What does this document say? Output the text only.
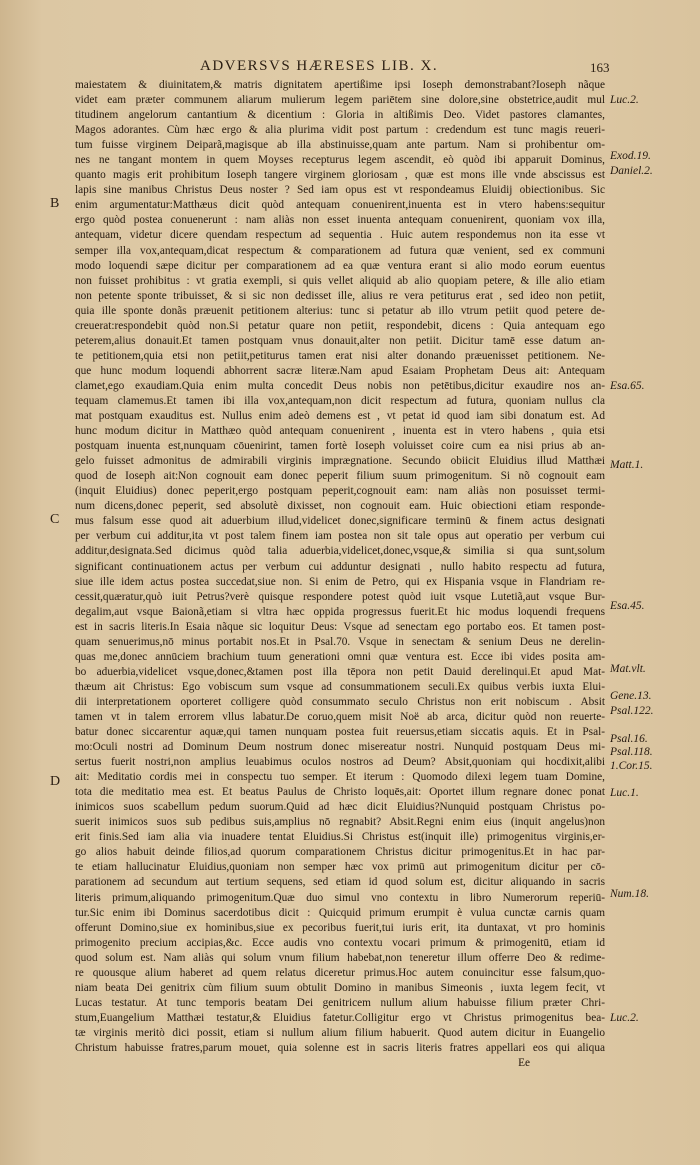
ADVERSVS HÆRESES LIB. X.	163
maiestatem & diuinitatem,& matris dignitatem apertißime ipsi Ioseph demonstrabant?Ioseph nãque
videt eam præter communem aliarum mulierum legem pariētem sine dolore,sine obstetrice,audit mul
titudinem angelorum cantantium & dicentium : Gloria in altißimis Deo. Videt pastores clamantes,
Magos adorantes. Cùm hæc ergo & alia plurima vidit post partum : credendum est tunc magis reueri-
tum fuisse virginem Deiparã,magisque ab illa abstinuisse,quam ante partum. Nam si prohibentur om-
nes ne tangant montem in quem Moyses recepturus legem ascendit, eò quòd ibi apparuit Dominus,
quanto magis erit prohibitum Ioseph tangere virginem gloriosam , quæ est mons ille vnde abscissus est
lapis sine manibus Christus Deus noster ? Sed iam opus est vt respondeamus Eluidij obiectionibus. Sic
enim argumentatur:Matthæus dicit quòd antequam conuenirent,inuenta est in vtero habens:sequitur
ergo quòd postea conuenerunt : nam aliàs non esset inuenta antequam conuenirent, quoniam vox illa,
antequam, videtur dicere quendam respectum ad sequentia . Huic autem respondemus non ita esse vt
semper illa vox,antequam,dicat respectum & comparationem ad futura quæ venient, sed ex communi
modo loquendi sæpe dicitur per comparationem ad ea quæ ventura erant si alio modo eorum euentus
non fuisset prohibitus : vt gratia exempli, si quis vellet aliquid ab alio quopiam petere, & ille alio etiam
non petente sponte tribuisset, & si sic non dedisset ille, alius re vera petiturus erat , sed ideo non petiit,
quia ille sponte donãs præuenit petitionem alterius: tunc si petatur ab illo vtrum petiit quod petere de-
creuerat:respondebit quòd non.Si petatur quare non petiit, respondebit, dicens : Quia antequam ego
peterem,alius donauit.Et tamen postquam vnus donauit,alter non petiit. Dicitur tamē esse datum an-
te petitionem,quia etsi non petiit,petiturus tamen erat nisi alter donando præuenisset petitionem. Ne-
que hunc modum loquendi abhorrent sacræ literæ.Nam apud Esaiam Prophetam Deus ait: Antequam
clamet,ego exaudiam.Quia enim multa concedit Deus nobis non petētibus,dicitur exaudire nos an-
tequam clamemus.Et tamen ibi illa vox,antequam,non dicit respectum ad futura, quoniam nullus cla
mat postquam exauditus est. Nullus enim adeò demens est , vt petat id quod iam sibi donatum est. Ad
hunc modum dicitur in Matthæo quòd antequam conuenirent , inuenta est in vtero habens , quia etsi
postquam inuenta est,nunquam cōuenirint, tamen fortè Ioseph voluisset coire cum ea nisi prius ab an-
gelo fuisset admonitus de admirabili virginis imprægnatione. Secundo obiicit Eluidius illud Matthæi
quod de Ioseph ait:Non cognouit eam donec peperit filium suum primogenitum. Si nõ cognouit eam
(inquit Eluidius) donec peperit,ergo postquam peperit,cognouit eam: nam aliàs non posuisset termi-
num dicens,donec peperit, sed absolutè dixisset, non cognouit eam. Huic obiectioni etiam responde-
mus falsum esse quod ait aduerbium illud,videlicet donec,significare terminū & finem actus designati
per verbum cui additur,ita vt post talem finem iam postea non sit tale opus aut operatio per verbum cui
additur,designata.Sed dicimus quòd talia aduerbia,videlicet,donec,vsque,& similia si qua sunt,solum
significant continuationem actus per verbum cui adduntur designati , nullo habito respectu ad futura,
siue ille idem actus postea succedat,siue non. Si enim de Petro, qui ex Hispania vsque in Flandriam re-
cessit,quæratur,quò iuit Petrus?verè quisque respondere potest quòd iuit vsque Lutetiã,aut vsque Bur-
degalim,aut vsque Baionã,etiam si vltra hæc oppida progressus fuerit.Et hic modus loquendi frequens
est in sacris literis.In Esaia nãque sic loquitur Deus: Vsque ad senectam ego portabo eos. Et tamen post-
quam senuerimus,nō minus portabit nos.Et in Psal.70. Vsque in senectam & senium Deus ne derelin-
quas me,donec annūciem brachium tuum generationi omni quæ ventura est. Ecce ibi vides posita am-
bo aduerbia,videlicet vsque,donec,&tamen post illa tēpora non petit Dauid derelinqui.Et apud Mat-
thæum ait Christus: Ego vobiscum sum vsque ad consummationem seculi.Ex quibus verbis iuxta Elui-
dii interpretationem oporteret colligere quòd consummato seculo Christus non erit nobiscum . Absit
tamen vt in talem errorem vllus labatur.De coruo,quem misit Noë ab arca, dicitur quòd non reuerte-
batur donec siccarentur aquæ,qui tamen nunquam postea fuit reuersus,etiam siccatis aquis. Et in Psal-
mo:Oculi nostri ad Dominum Deum nostrum donec misereatur nostri. Nunquid postquam Deus mi-
sertus fuerit nostri,non amplius leuabimus oculos nostros ad Deum? Absit,quoniam qui hocdixit,alibi
ait: Meditatio cordis mei in conspectu tuo semper. Et iterum : Quomodo dilexi legem tuam Domine,
tota die meditatio mea est. Et beatus Paulus de Christo loquēs,ait: Oportet illum regnare donec ponat
inimicos suos scabellum pedum suorum.Quid ad hæc dicit Eluidius?Nunquid postquam Christus po-
suerit inimicos suos sub pedibus suis,amplius nō regnabit? Absit.Regni enim eius (inquit angelus)non
erit finis.Sed iam alia via inuadere tentat Eluidius.Si Christus est(inquit ille) primogenitus virginis,er-
go alios habuit deinde filios,ad quorum comparationem Christus dicitur primogenitus.Et in hac par-
te etiam hallucinatur Eluidius,quoniam non semper hæc vox primū aut primogenitum dicitur per cō-
parationem ad secundum aut tertium sequens, sed etiam id quod solum est, dicitur aliquando in sacris
literis primum,aliquando primogenitum.Quæ duo simul vno contextu in libro Numerorum reperiū-
tur.Sic enim ibi Dominus sacerdotibus dicit : Quicquid primum erumpit è vulua cunctæ carnis quam
offerunt Domino,siue ex hominibus,siue ex pecoribus fuerit,tui iuris erit, ita duntaxat, vt pro hominis
primogenito precium accipias,&c. Ecce audis vno contextu vocari primum & primogenitū, etiam id
quod solum est. Nam aliàs qui solum vnum filium habebat,non teneretur illum offerre Deo & redime-
re quousque alium haberet ad quem relatus diceretur primus.Hoc autem conuincitur esse falsum,quo-
niam beata Dei genitrix cùm filium suum obtulit Domino in manibus Simeonis , iuxta legem fecit, vt
Lucas testatur. At tunc temporis beatam Dei genitricem nullum alium habuisse filium præter Chri-
stum,Euangelium Matthæi testatur,& Eluidius fatetur.Colligitur ergo vt Christus primogenitus bea-
tæ virginis meritò dici possit, etiam si nullum alium filium habuerit. Quod autem dicitur in Euangelio
Christum habuisse fratres,parum mouet, quia solenne est in sacris literis fratres appellari eos qui aliqua
Ee
B
C
D
Luc.2.
Exod.19.
Daniel.2.
Esa.65.
Matt.1.
Esa.45.
Mat.vlt.
Gene.13.
Psal.122.
Psal.16.
Psal.118.
1.Cor.15.
Luc.1.
Num.18.
Luc.2.
